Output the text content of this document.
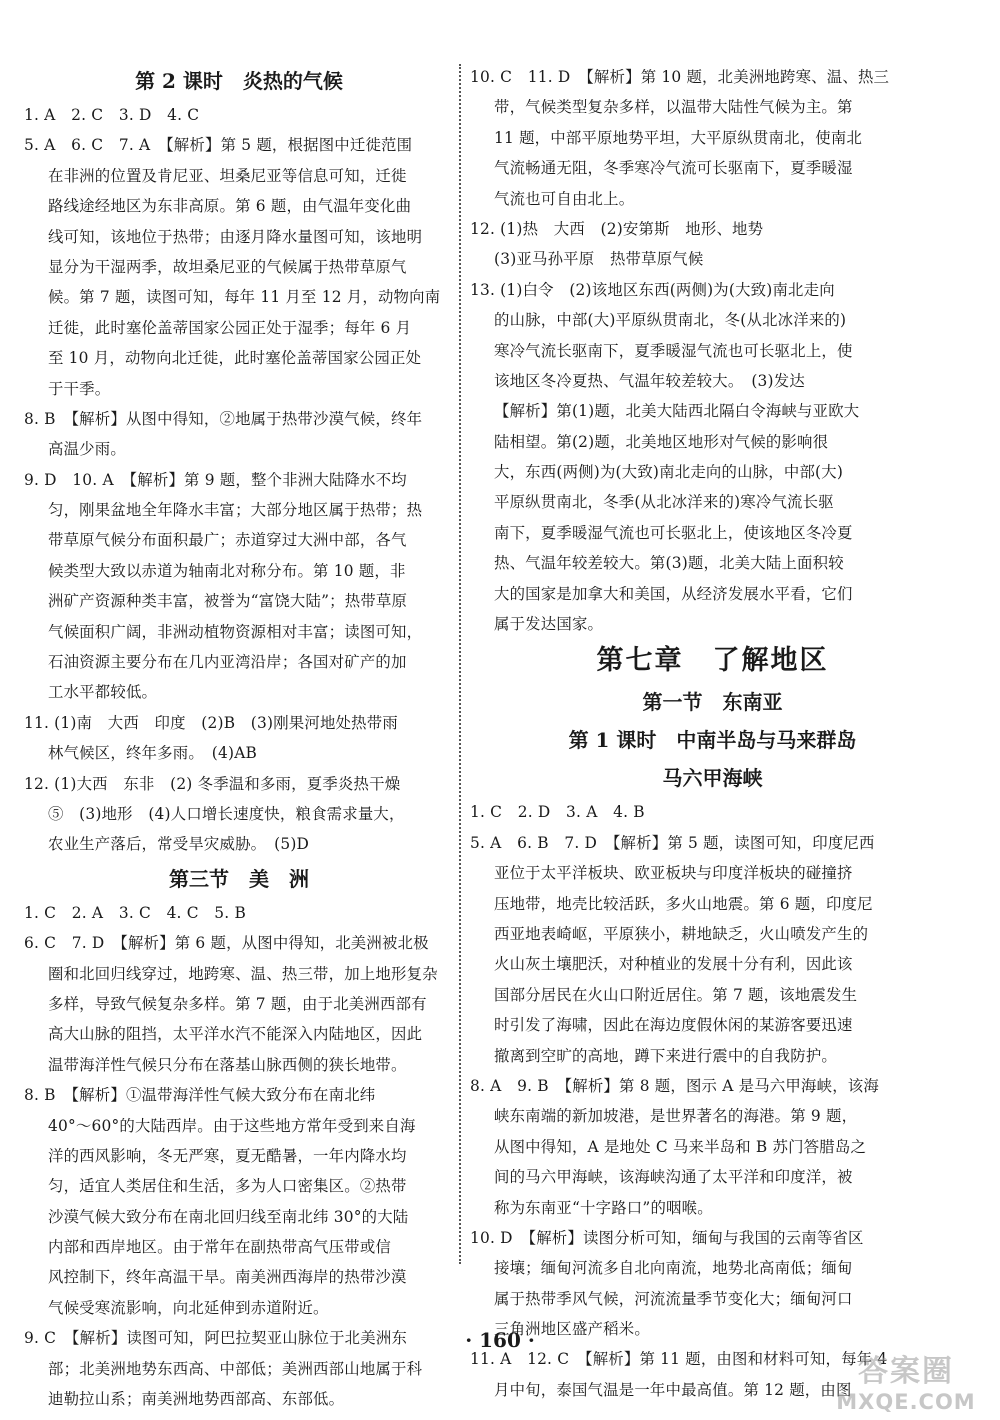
第 2 课时　炎热的气候
1. A　2. C　3. D　4. C
5. A　6. C　7. A　【解析】第 5 题，根据图中迁徙范围
在非洲的位置及肯尼亚、坦桑尼亚等信息可知，迁徙
路线途经地区为东非高原。第 6 题，由气温年变化曲
线可知，该地位于热带；由逐月降水量图可知，该地明
显分为干湿两季，故坦桑尼亚的气候属于热带草原气
候。第 7 题，读图可知，每年 11 月至 12 月，动物向南
迁徙，此时塞伦盖蒂国家公园正处于湿季；每年 6 月
至 10 月，动物向北迁徙，此时塞伦盖蒂国家公园正处
于干季。
8. B　【解析】从图中得知，②地属于热带沙漠气候，终年
高温少雨。
9. D　10. A　【解析】第 9 题，整个非洲大陆降水不均
匀，刚果盆地全年降水丰富；大部分地区属于热带；热
带草原气候分布面积最广；赤道穿过大洲中部，各气
候类型大致以赤道为轴南北对称分布。第 10 题，非
洲矿产资源种类丰富，被誉为“富饶大陆”；热带草原
气候面积广阔，非洲动植物资源相对丰富；读图可知，
石油资源主要分布在几内亚湾沿岸；各国对矿产的加
工水平都较低。
11. (1)南　大西　印度　(2)B　(3)刚果河地处热带雨
林气候区，终年多雨。　(4)AB
12. (1)大西　东非　(2) 冬季温和多雨，夏季炎热干燥
⑤　(3)地形　(4)人口增长速度快，粮食需求量大，
农业生产落后，常受旱灾威胁。　(5)D
第三节　美　洲
1. C　2. A　3. C　4. C　5. B
6. C　7. D　【解析】第 6 题，从图中得知，北美洲被北极
圈和北回归线穿过，地跨寒、温、热三带，加上地形复杂
多样，导致气候复杂多样。第 7 题，由于北美洲西部有
高大山脉的阻挡，太平洋水汽不能深入内陆地区，因此
温带海洋性气候只分布在落基山脉西侧的狭长地带。
8. B　【解析】①温带海洋性气候大致分布在南北纬
40°～60°的大陆西岸。由于这些地方常年受到来自海
洋的西风影响，冬无严寒，夏无酷暑，一年内降水均
匀，适宜人类居住和生活，多为人口密集区。②热带
沙漠气候大致分布在南北回归线至南北纬 30°的大陆
内部和西岸地区。由于常年在副热带高气压带或信
风控制下，终年高温干旱。南美洲西海岸的热带沙漠
气候受寒流影响，向北延伸到赤道附近。
9. C　【解析】读图可知，阿巴拉契亚山脉位于北美洲东
部；北美洲地势东西高、中部低；美洲西部山地属于科
迪勒拉山系；南美洲地势西部高、东部低。
10. C　11. D　【解析】第 10 题，北美洲地跨寒、温、热三
带，气候类型复杂多样，以温带大陆性气候为主。第
11 题，中部平原地势平坦，大平原纵贯南北，使南北
气流畅通无阻，冬季寒冷气流可长驱南下，夏季暖湿
气流也可自由北上。
12. (1)热　大西　(2)安第斯　地形、地势
(3)亚马孙平原　热带草原气候
13. (1)白令　(2)该地区东西(两侧)为(大致)南北走向
的山脉，中部(大)平原纵贯南北，冬(从北冰洋来的)
寒冷气流长驱南下，夏季暖湿气流也可长驱北上，使
该地区冬冷夏热、气温年较差较大。　(3)发达
【解析】第(1)题，北美大陆西北隔白令海峡与亚欧大
陆相望。第(2)题，北美地区地形对气候的影响很
大，东西(两侧)为(大致)南北走向的山脉，中部(大)
平原纵贯南北，冬季(从北冰洋来的)寒冷气流长驱
南下，夏季暖湿气流也可长驱北上，使该地区冬冷夏
热、气温年较差较大。第(3)题，北美大陆上面积较
大的国家是加拿大和美国，从经济发展水平看，它们
属于发达国家。
第七章　了解地区
第一节　东南亚
第 1 课时　中南半岛与马来群岛
马六甲海峡
1. C　2. D　3. A　4. B
5. A　6. B　7. D　【解析】第 5 题，读图可知，印度尼西
亚位于太平洋板块、欧亚板块与印度洋板块的碰撞挤
压地带，地壳比较活跃，多火山地震。第 6 题，印度尼
西亚地表崎岖，平原狭小，耕地缺乏，火山喷发产生的
火山灰土壤肥沃，对种植业的发展十分有利，因此该
国部分居民在火山口附近居住。第 7 题，该地震发生
时引发了海啸，因此在海边度假休闲的某游客要迅速
撤离到空旷的高地，蹲下来进行震中的自我防护。
8. A　9. B　【解析】第 8 题，图示 A 是马六甲海峡，该海
峡东南端的新加坡港，是世界著名的海港。第 9 题，
从图中得知，A 是地处 C 马来半岛和 B 苏门答腊岛之
间的马六甲海峡，该海峡沟通了太平洋和印度洋，被
称为东南亚“十字路口”的咽喉。
10. D　【解析】读图分析可知，缅甸与我国的云南等省区
接壤；缅甸河流多自北向南流，地势北高南低；缅甸
属于热带季风气候，河流流量季节变化大；缅甸河口
三角洲地区盛产稻米。
11. A　12. C　【解析】第 11 题，由图和材料可知，每年 4
月中旬，泰国气温是一年中最高值。第 12 题，由图
· 160 ·
答案圈
MXQE.COM
